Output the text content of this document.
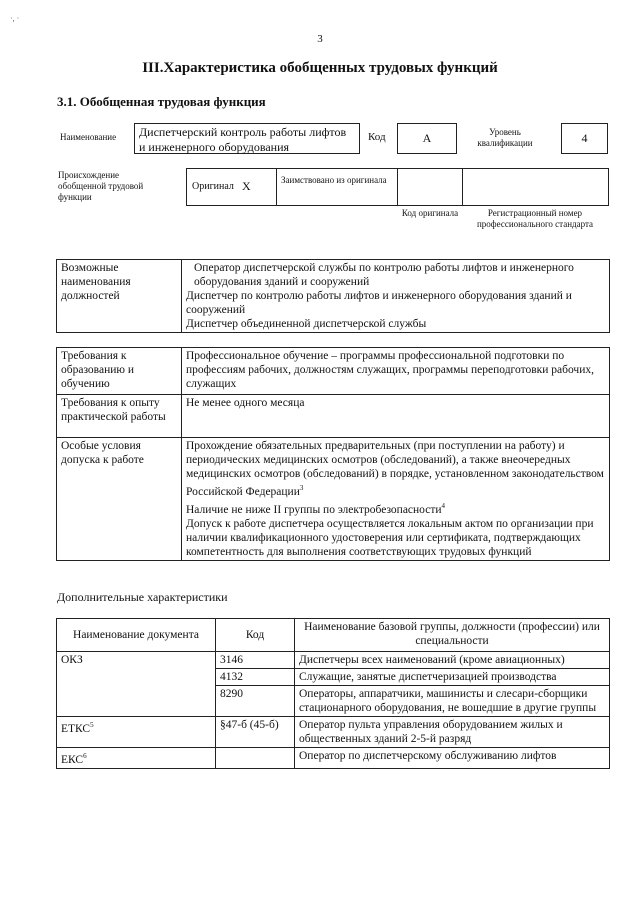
·, ·
3
III.Характеристика обобщенных трудовых функций
3.1. Обобщенная трудовая функция
Наименование	Диспетчерский контроль работы лифтов и инженерного оборудования
Код	А	Уровень квалификации	4
Происхождение обобщенной трудовой функции
Оригинал X	Заимствовано из оригинала
Код оригинала	Регистрационный номер профессионального стандарта
Возможные наименования должностей	
Оператор диспетчерской службы по контролю работы лифтов и инженерного оборудования зданий и сооружений
Диспетчер по контролю работы лифтов и инженерного оборудования зданий и сооружений
Диспетчер объединенной диспетчерской службы
Требования к образованию и обучению	Профессиональное обучение – программы профессиональной подготовки по профессиям рабочих, должностям служащих, программы переподготовки рабочих, служащих
Требования к опыту практической работы	Не менее одного месяца
Особые условия допуска к работе	Прохождение обязательных предварительных (при поступлении на работу) и периодических медицинских осмотров (обследований), а также внеочередных медицинских осмотров (обследований) в порядке, установленном законодательством Российской Федерации$^3$
Наличие не ниже II группы по электробезопасности$^4$
Допуск к работе диспетчера осуществляется локальным актом по организации при наличии квалификационного удостоверения или сертификата, подтверждающих компетентность для выполнения соответствующих трудовых функций
Дополнительные характеристики
Наименование документа	Код	Наименование базовой группы, должности (профессии) или специальности
ОКЗ	3146	Диспетчеры всех наименований (кроме авиационных)
	4132	Служащие, занятые диспетчеризацией производства
	8290	Операторы, аппаратчики, машинисты и слесари-сборщики стационарного оборудования, не вошедшие в другие группы
ЕТКС$^5$	§47-б (45-б)	Оператор пульта управления оборудованием жилых и общественных зданий 2-5-й разряд
ЕКС$^6$		Оператор по диспетчерскому обслуживанию лифтов
